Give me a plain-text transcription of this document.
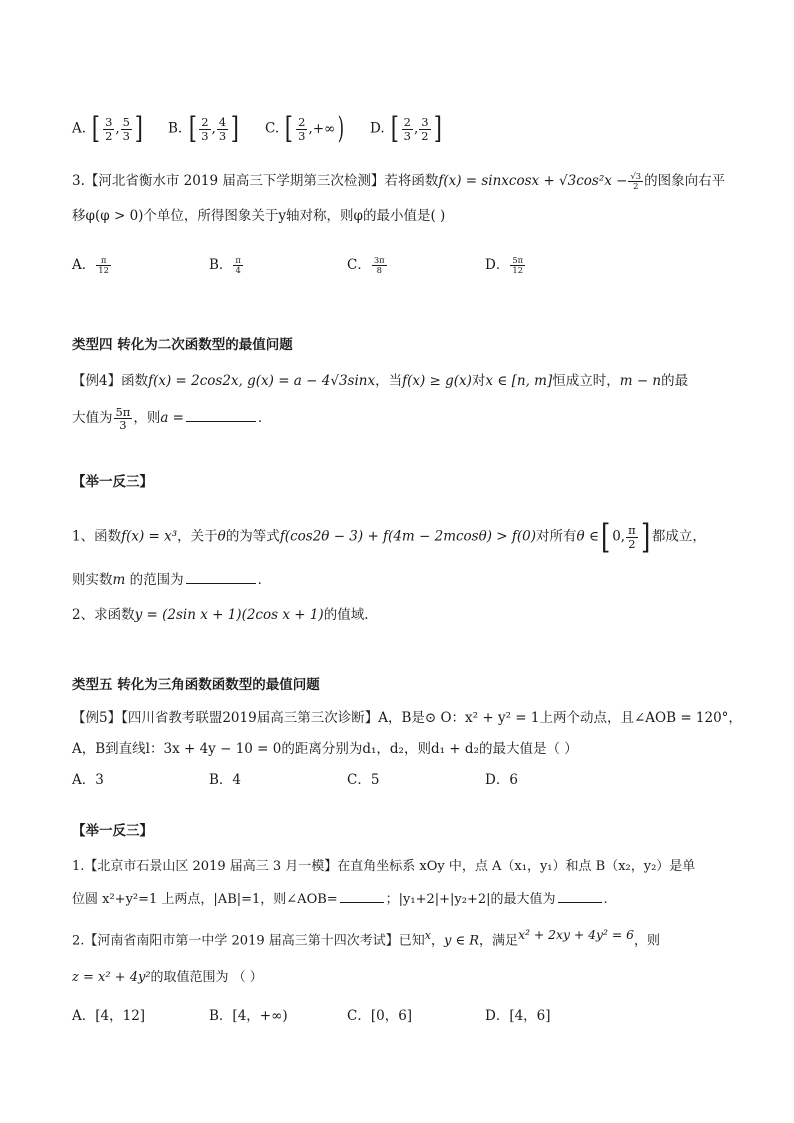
A. [ $\frac{3}{2}$ , $\frac{5}{3}$ ] B. [ $\frac{2}{3}$ , $\frac{4}{3}$ ] C. [ $\frac{2}{3}$ ,+∞) D. [ $\frac{2}{3}$ , $\frac{3}{2}$ ]
3.【河北省衡水市 2019 届高三下学期第三次检测】若将函数f(x) = sinxcosx + $√3\cos^2x - \frac{√3}{2}$ 的图象向右平
移φ(φ > 0)个单位，所得图象关于y轴对称，则φ的最小值是( )
A． $\frac{\pi}{12}$	B． $\frac{\pi}{4}$	C． $\frac{3\pi}{8}$	D． $\frac{5\pi}{12}$
类型四 转化为二次函数型的最值问题
【例4】函数f(x) = 2cos2x, g(x) = a − 4√3sinx，当f(x) ≥ g(x)对x ∈ [n, m]恒成立时，m − n的最
大值为 $\frac{5\pi}{3}$ ，则a =	．
【举一反三】
1、函数f(x) = x³，关于θ的为等式f(cos2θ − 3) + f(4m − 2mcosθ) > f(0)对所有θ ∈[ 0, $\frac{\pi}{2}$ ] 都成立，
则实数m 的范围为	．
2、求函数y = (2sin x + 1)(2cos x + 1)的值域.
类型五 转化为三角函数函数型的最值问题
【例5】【四川省教考联盟2019届高三第三次诊断】A，B是⊙ O：x² + y² = 1上两个动点，且∠AOB = 120°，
A，B到直线l：3x + 4y − 10 = 0的距离分别为d₁，d₂，则d₁ + d₂的最大值是（ ）
A．3	B．4	C．5	D．6
【举一反三】
1.【北京市石景山区 2019 届高三 3 月一模】在直角坐标系 xOy 中，点 A（x₁，y₁）和点 B（x₂，y₂）是单
位圆 x²+y²=1 上两点，|AB|=1，则∠AOB=	；|y₁+2|+|y₂+2|的最大值为	.
2.【河南省南阳市第一中学 2019 届高三第十四次考试】已知x，y ∈ R，满足x² + 2xy + 4y² = 6，则
z = x² + 4y²的取值范围为 （ ）
A．[4，12]	B．[4，+∞)	C．[0，6]	D．[4，6]
